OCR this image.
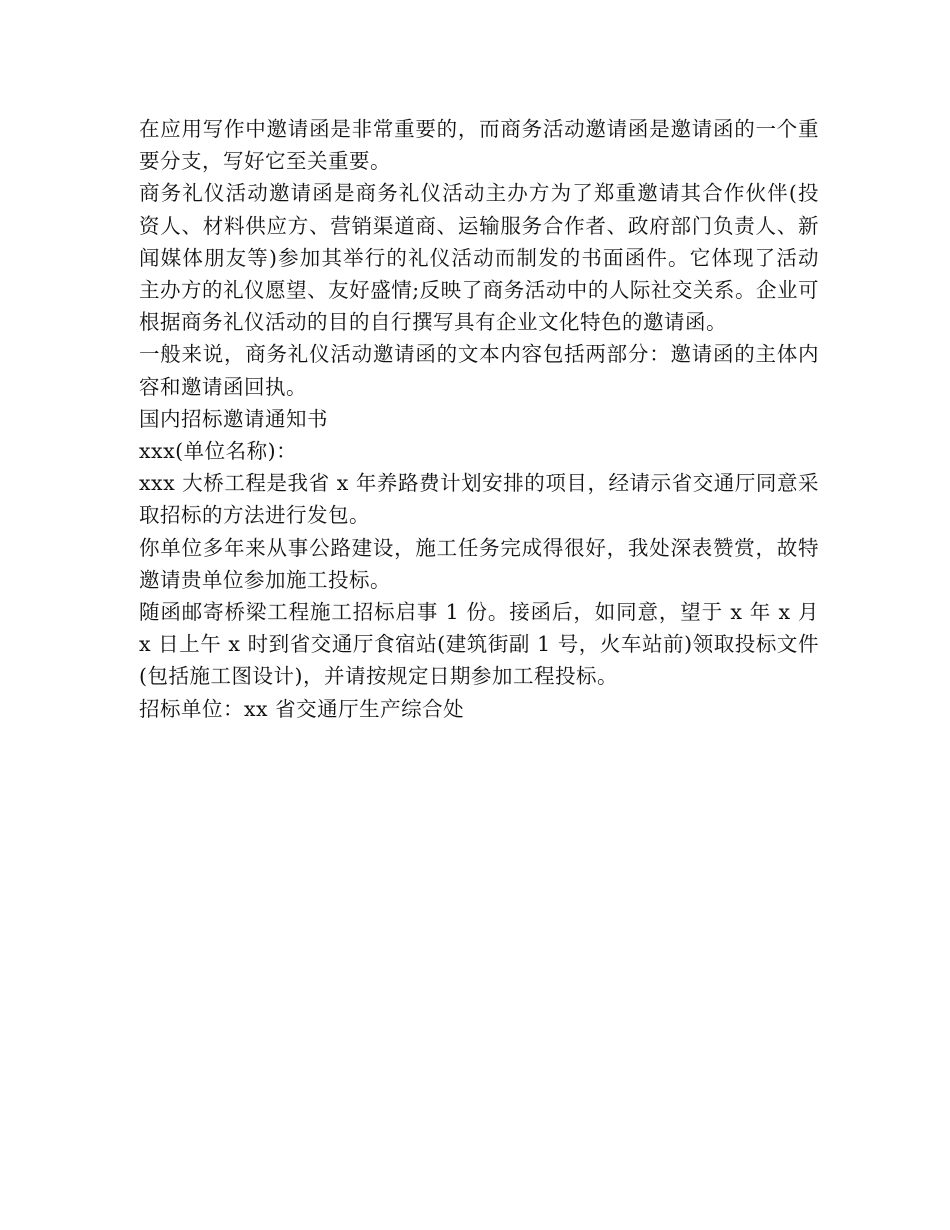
在应用写作中邀请函是非常重要的，而商务活动邀请函是邀请函的一个重要分支，写好它至关重要。

商务礼仪活动邀请函是商务礼仪活动主办方为了郑重邀请其合作伙伴(投资人、材料供应方、营销渠道商、运输服务合作者、政府部门负责人、新闻媒体朋友等)参加其举行的礼仪活动而制发的书面函件。它体现了活动主办方的礼仪愿望、友好盛情;反映了商务活动中的人际社交关系。企业可根据商务礼仪活动的目的自行撰写具有企业文化特色的邀请函。

一般来说，商务礼仪活动邀请函的文本内容包括两部分：邀请函的主体内容和邀请函回执。

国内招标邀请通知书

xxx(单位名称)：

xxx 大桥工程是我省 x 年养路费计划安排的项目，经请示省交通厅同意采取招标的方法进行发包。

你单位多年来从事公路建设，施工任务完成得很好，我处深表赞赏，故特邀请贵单位参加施工投标。

随函邮寄桥梁工程施工招标启事 1 份。接函后，如同意，望于 x 年 x 月 x 日上午 x 时到省交通厅食宿站(建筑街副 1 号，火车站前)领取投标文件(包括施工图设计)，并请按规定日期参加工程投标。

招标单位：xx 省交通厅生产综合处
